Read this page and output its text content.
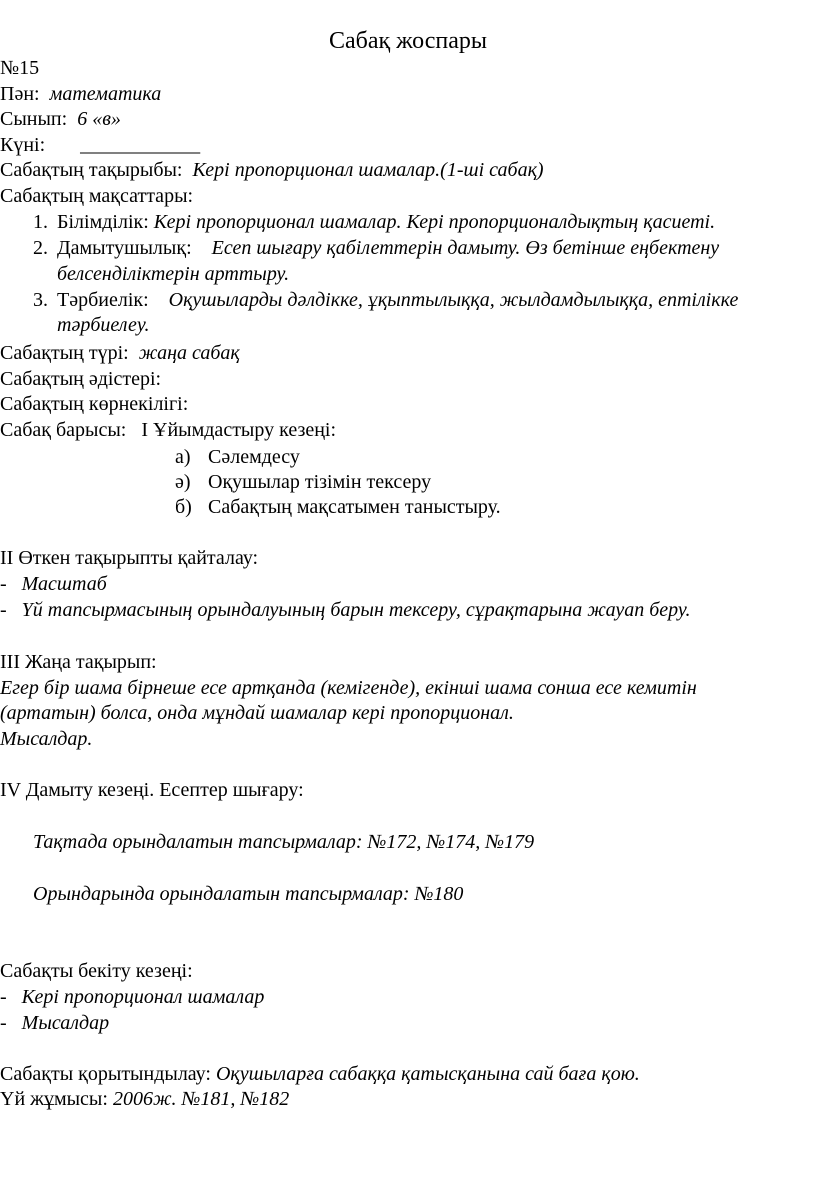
Сабақ жоспары
№15
Пән: математика
Сынып: 6 «в»
Күні: ____________
Сабақтың тақырыбы: Кері пропорционал шамалар.(1-ші сабақ)
Сабақтың мақсаттары:
1. Білімділік: Кері пропорционал шамалар. Кері пропорционалдықтың қасиеті.
2. Дамытушылық: Есеп шығару қабілеттерін дамыту. Өз бетінше еңбектену
белсенділіктерін арттыру.
3. Тәрбиелік: Оқушыларды дәлдікке, ұқыптылыққа, жылдамдылыққа, ептілікке
тәрбиелеу.
Сабақтың түрі: жаңа сабақ
Сабақтың әдістері:
Сабақтың көрнекілігі:
Сабақ барысы: I Ұйымдастыру кезеңі:
а) Сәлемдесу
ә) Оқушылар тізімін тексеру
б) Сабақтың мақсатымен таныстыру.
II Өткен тақырыпты қайталау:
- Масштаб
- Үй тапсырмасының орындалуының барын тексеру, сұрақтарына жауап беру.
III Жаңа тақырып:
Егер бір шама бірнеше есе артқанда (кемігенде), екінші шама сонша есе кемитін
(артатын) болса, онда мұндай шамалар кері пропорционал.
Мысалдар.
IV Дамыту кезеңі. Есептер шығару:
Тақтада орындалатын тапсырмалар: №172, №174, №179
Орындарында орындалатын тапсырмалар: №180
Сабақты бекіту кезеңі:
- Кері пропорционал шамалар
- Мысалдар
Сабақты қорытындылау: Оқушыларға сабаққа қатысқанына сай баға қою.
Үй жұмысы: 2006ж. №181, №182
